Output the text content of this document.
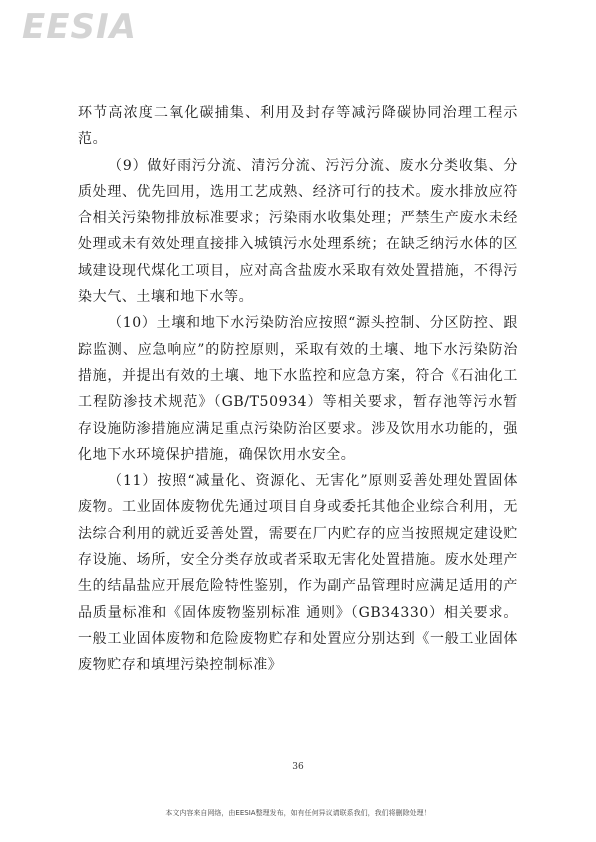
EESIA

环节高浓度二氧化碳捕集、利用及封存等减污降碳协同治理工程示范。

（9）做好雨污分流、清污分流、污污分流、废水分类收集、分质处理、优先回用，选用工艺成熟、经济可行的技术。废水排放应符合相关污染物排放标准要求；污染雨水收集处理；严禁生产废水未经处理或未有效处理直接排入城镇污水处理系统；在缺乏纳污水体的区域建设现代煤化工项目，应对高含盐废水采取有效处置措施，不得污染大气、土壤和地下水等。

（10）土壤和地下水污染防治应按照“源头控制、分区防控、跟踪监测、应急响应”的防控原则，采取有效的土壤、地下水污染防治措施，并提出有效的土壤、地下水监控和应急方案，符合《石油化工工程防渗技术规范》（GB/T50934）等相关要求，暂存池等污水暂存设施防渗措施应满足重点污染防治区要求。涉及饮用水功能的，强化地下水环境保护措施，确保饮用水安全。

（11）按照“减量化、资源化、无害化”原则妥善处理处置固体废物。工业固体废物优先通过项目自身或委托其他企业综合利用，无法综合利用的就近妥善处置，需要在厂内贮存的应当按照规定建设贮存设施、场所，安全分类存放或者采取无害化处置措施。废水处理产生的结晶盐应开展危险特性鉴别，作为副产品管理时应满足适用的产品质量标准和《固体废物鉴别标准 通则》（GB34330）相关要求。一般工业固体废物和危险废物贮存和处置应分别达到《一般工业固体废物贮存和填埋污染控制标准》

36
本文内容来自网络，由EESIA整理发布，如有任何异议请联系我们，我们将删除处理！
